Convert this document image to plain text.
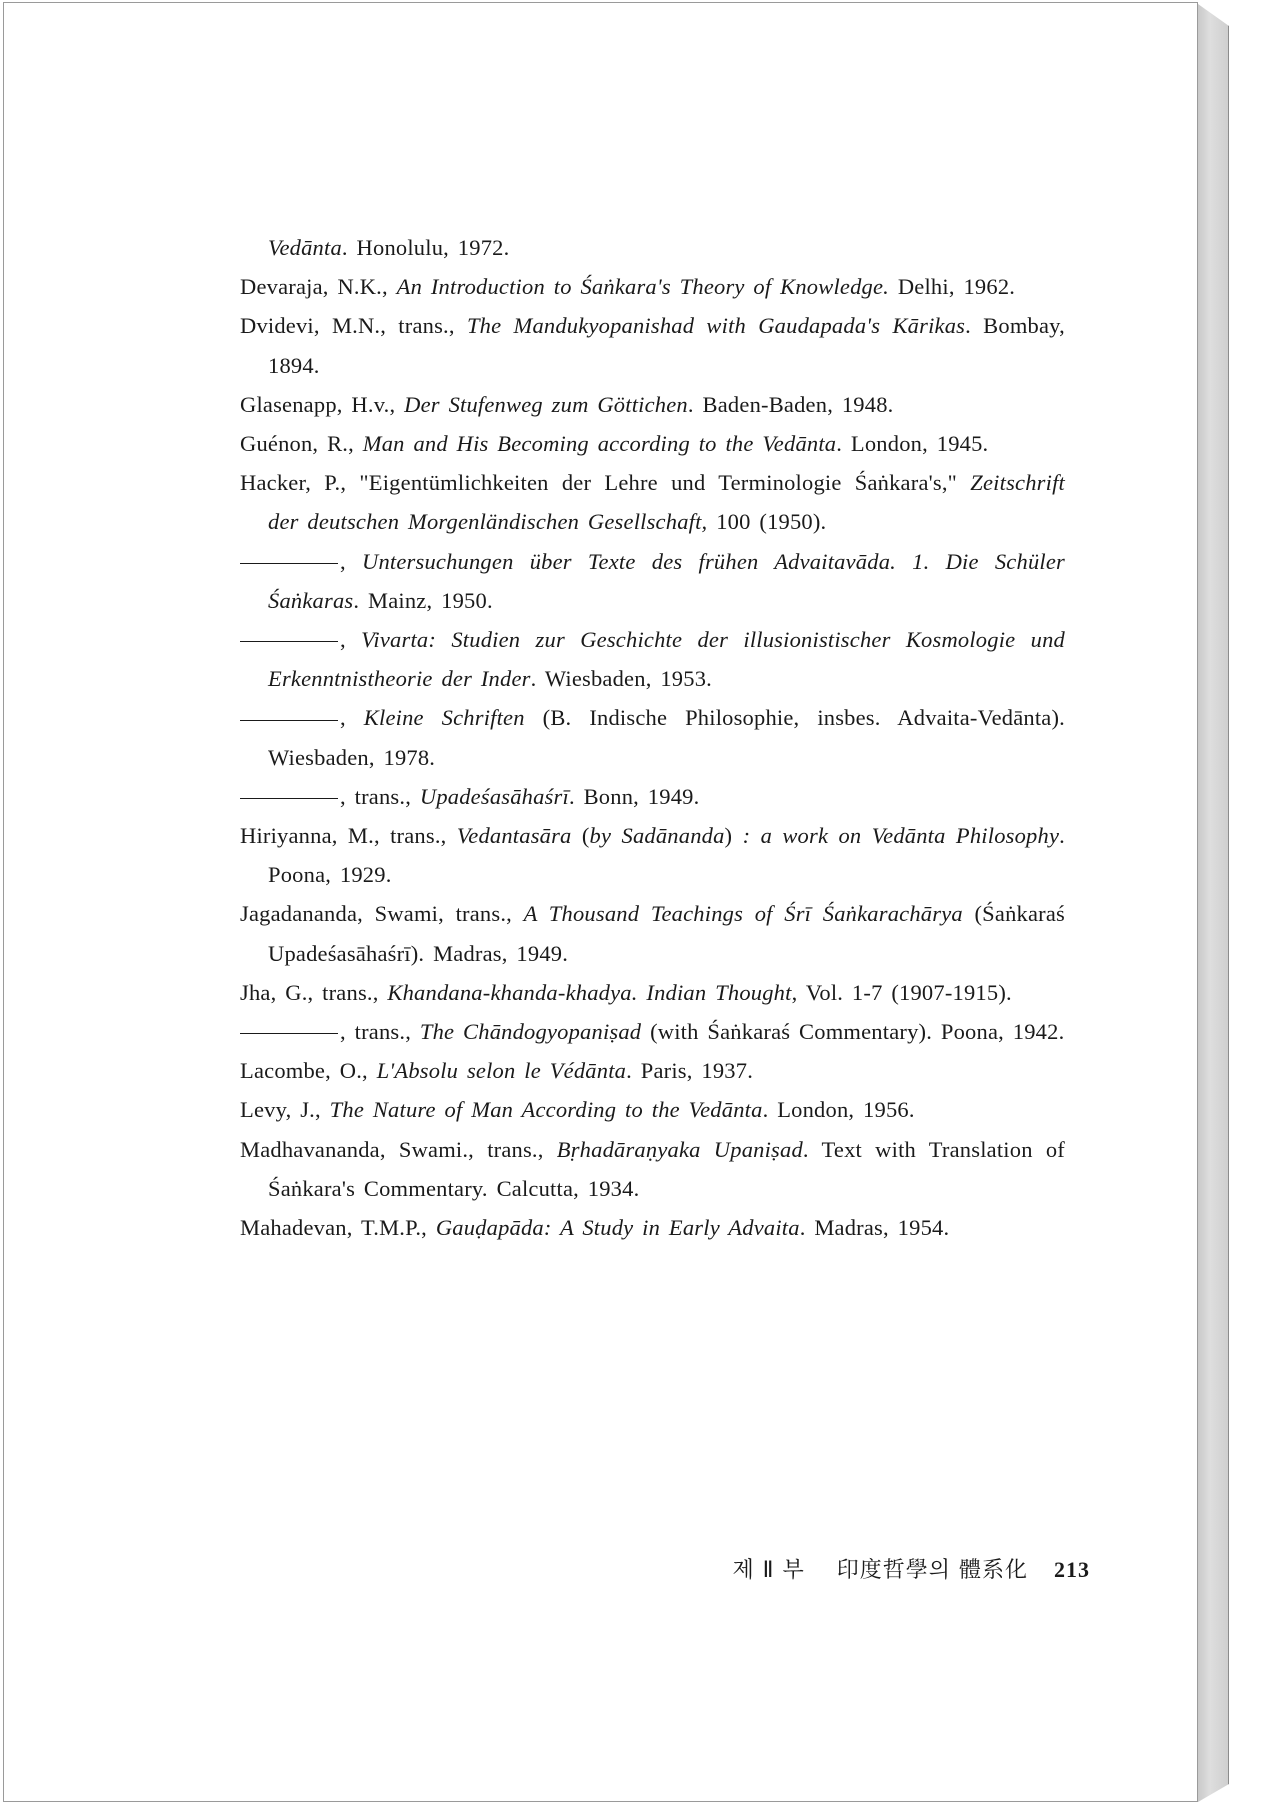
Vedānta. Honolulu, 1972.
Devaraja, N.K., An Introduction to Śaṅkara's Theory of Knowledge. Delhi, 1962.
Dvidevi, M.N., trans., The Mandukyopanishad with Gaudapada's Kārikas. Bombay, 1894.
Glasenapp, H.v., Der Stufenweg zum Göttichen. Baden-Baden, 1948.
Guénon, R., Man and His Becoming according to the Vedānta. London, 1945.
Hacker, P., "Eigentümlichkeiten der Lehre und Terminologie Śaṅkara's," Zeitschrift der deutschen Morgenländischen Gesellschaft, 100 (1950).
, Untersuchungen über Texte des frühen Advaitavāda. 1. Die Schüler Śaṅkaras. Mainz, 1950.
, Vivarta: Studien zur Geschichte der illusionistischer Kosmologie und Erkenntnistheorie der Inder. Wiesbaden, 1953.
, Kleine Schriften (B. Indische Philosophie, insbes. Advaita-Vedānta). Wiesbaden, 1978.
, trans., Upadeśasāhaśrī. Bonn, 1949.
Hiriyanna, M., trans., Vedantasāra (by Sadānanda) : a work on Vedānta Philosophy. Poona, 1929.
Jagadananda, Swami, trans., A Thousand Teachings of Śrī Śaṅkarachārya (Śaṅkaraś Upadeśasāhaśrī). Madras, 1949.
Jha, G., trans., Khandana-khanda-khadya. Indian Thought, Vol. 1-7 (1907-1915).
, trans., The Chāndogyopaniṣad (with Śaṅkaraś Commentary). Poona, 1942.
Lacombe, O., L'Absolu selon le Védānta. Paris, 1937.
Levy, J., The Nature of Man According to the Vedānta. London, 1956.
Madhavananda, Swami., trans., Bṛhadāraṇyaka Upaniṣad. Text with Translation of Śaṅkara's Commentary. Calcutta, 1934.
Mahadevan, T.M.P., Gauḍapāda: A Study in Early Advaita. Madras, 1954.
제 Ⅱ 부 印度哲學의 體系化 213
